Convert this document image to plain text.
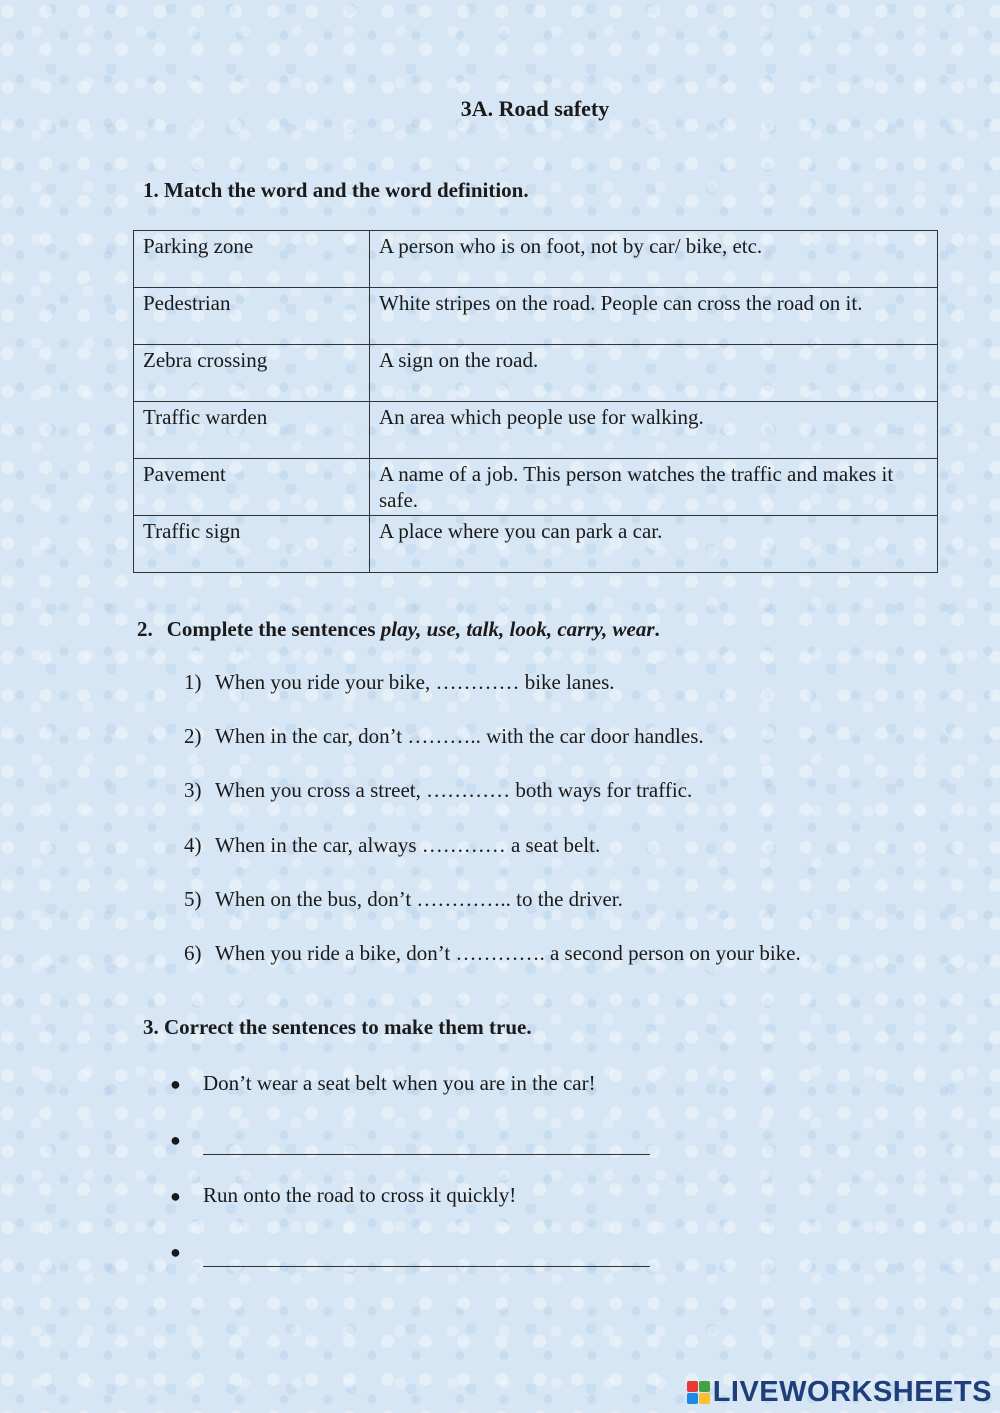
3A. Road safety
1. Match the word and the word definition.
Parking zone	A person who is on foot, not by car/ bike, etc.
Pedestrian	White stripes on the road. People can cross the road on it.
Zebra crossing	A sign on the road.
Traffic warden	An area which people use for walking.
Pavement	A name of a job. This person watches the traffic and makes it safe.
Traffic sign	A place where you can park a car.
2. Complete the sentences play, use, talk, look, carry, wear.
1) When you ride your bike, ………… bike lanes.
2) When in the car, don’t ……….. with the car door handles.
3) When you cross a street, ………… both ways for traffic.
4) When in the car, always ………… a seat belt.
5) When on the bus, don’t ………….. to the driver.
6) When you ride a bike, don’t …………. a second person on your bike.
3. Correct the sentences to make them true.
● Don’t wear a seat belt when you are in the car!
●
● Run onto the road to cross it quickly!
●
LIVEWORKSHEETS
